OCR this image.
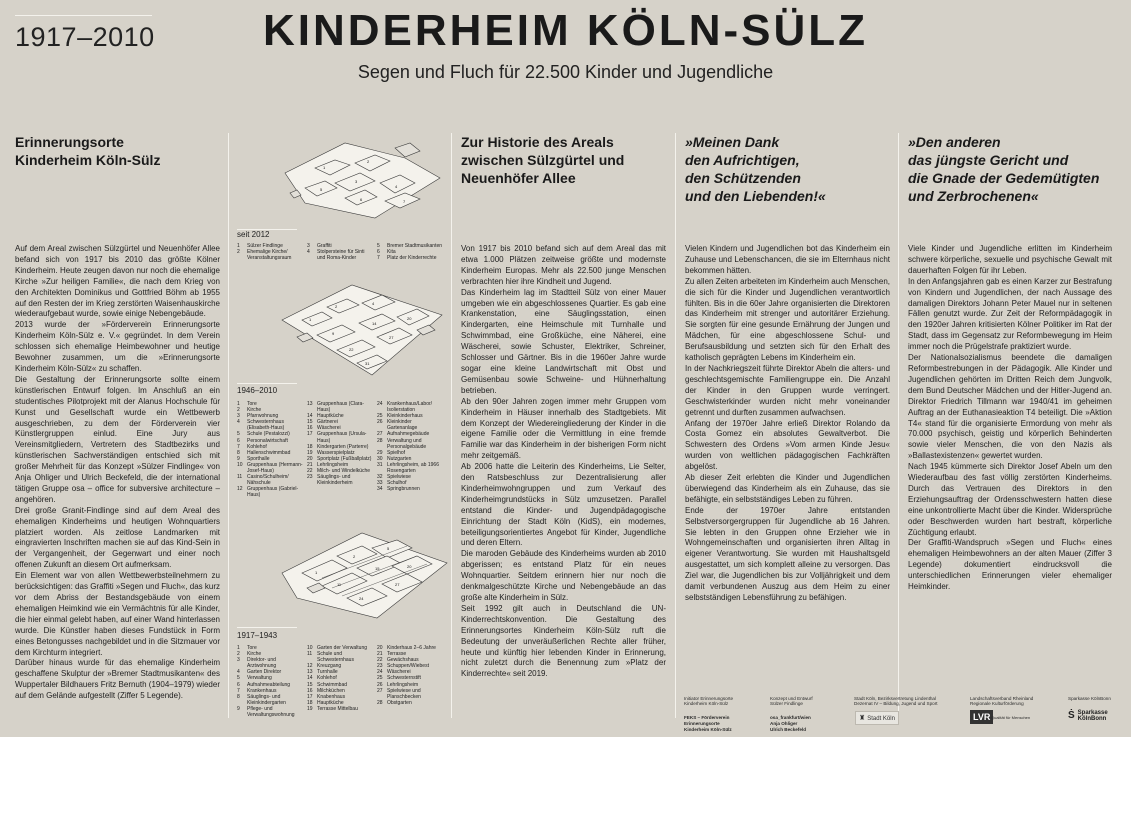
1917–2010	KINDERHEIM KÖLN-SÜLZ
Segen und Fluch für 22.500 Kinder und Jugendliche
Erinnerungsorte
Kinderheim Köln-Sülz
Auf dem Areal zwischen Sülzgürtel und Neuenhöfer Allee befand sich von 1917 bis 2010 das größte Kölner Kinderheim. Heute zeugen davon nur noch die ehemalige Kirche »Zur heiligen Familie«, die nach dem Krieg von den Architekten Dominikus und Gottfried Böhm ab 1955 auf den Resten der im Krieg zerstörten Waisenhauskirche wiederaufgebaut wurde, sowie einige Nebengebäude.
2013 wurde der »Förderverein Erinnerungsorte Kinderheim Köln-Sülz e. V.« gegründet. In dem Verein schlossen sich ehemalige Heimbewohner und heutige Bewohner zusammen, um die »Erinnerungsorte Kinderheim Köln-Sülz« zu schaffen.
Die Gestaltung der Erinnerungsorte sollte einem künstlerischen Entwurf folgen. Im Anschluß an ein studentisches Pilotprojekt mit der Alanus Hochschule für Kunst und Gesellschaft wurde ein Wettbewerb ausgeschrieben, zu dem der Förderverein vier Künstlergruppen einlud. Eine Jury aus Vereinsmitgliedern, Vertretern des Stadtbezirks und künstlerischen Sachverständigen entschied sich mit großer Mehrheit für das Konzept »Sülzer Findlinge« von Anja Ohliger und Ulrich Beckefeld, die der international tätigen Gruppe osa – office for subversive architecture – angehören.
Drei große Granit-Findlinge sind auf dem Areal des ehemaligen Kinderheims und heutigen Wohnquartiers platziert worden. Als zeitlose Landmarken mit eingravierten Inschriften machen sie auf das Kind-Sein in der Vergangenheit, der Gegenwart und einer noch offenen Zukunft an diesem Ort aufmerksam.
Ein Element war von allen Wettbewerbsteilnehmern zu berücksichtigen: das Graffiti »Segen und Fluch«, das kurz vor dem Abriss der Bestandsgebäude von einem ehemaligen Heimkind wie ein Vermächtnis für alle Kinder, die hier einmal gelebt haben, auf einer Wand hinterlassen wurde. Die Künstler haben dieses Fundstück in Form eines Betongusses nachgebildet und in die Sitzmauer vor dem Kirchturm integriert.
Darüber hinaus wurde für das ehemalige Kinderheim geschaffene Skulptur der »Bremer Stadtmusikanten« des Wuppertaler Bildhauers Fritz Bernuth (1904–1979) wieder auf dem Gelände aufgestellt (Ziffer 5 Legende).
1
2
3
4
5
6	7
seit 2012
1	Sülzer Findlinge
2	Ehemalige Kirche/ Veranstaltungsraum
3	Graffiti
4	Stolpersteine für Sinti und Roma-Kinder
5	Bremer Stadtmusikanten
6	Kita
7	Platz der Kinderrechte
1
2
4
9
14
20
22
27
31
1946–2010
1	Tore
2	Kirche
3	Pfarrwohnung
4	Schwesternhaus (Elisabeth-Haus)
5	Schule (Pestalozzi)
6	Personalwirtschaft
7	Kohlehof
8	Hallenschwimmbad
9	Sporthalle
10 Gruppenhaus (Hermann-Josef-Haus)
11 Casino/Schulheim/ Nähschule
12 Gruppenhaus (Gabriel-Haus)
13 Gruppenhaus (Clara-Haus)
14 Hauptküche
15 Gärtnerei
16 Wäscherei
17 Gruppenhaus (Ursula-Haus)
18 Kindergarten (Parterre)
19 Wasserspielplatz
20 Sportplatz (Fußballplatz)
21 Lehrlingsheim
22 Milch- und Windelküche
23 Säuglings- und Kleinkinderheim
24 Krankenhaus/Labor/ Isolierstation
25 Kleinkinderhaus
26 Kleinkinder Gartenanlage
27 Aufnahmegebäude
28 Verwaltung und Personalgebäude
29 Spielhof
30 Nutzgarten
31 Lehrlingsheim, ab 1966 Rosengarten
32 Spielwiese
33 Schulhof
34 Springbrunnen
1
2
5
11
15	20
24
27
1917–1943
1	Tore
2	Kirche
3	Direktor- und Arztwohnung
4	Garten Direktor
5	Verwaltung
6	Aufnahmeabteilung
7	Krankenhaus
8	Säuglings- und Kleinkindergarten
9	Pflege- und Verwaltungswohnung
10 Garten der Verwaltung
11 Schule und Schwesternhaus
12 Kreuzgang
13 Turnhalle
14 Kohlehof
15 Schwimmbad
16 Milchküchen
17 Knabenhaus
18 Hauptküche
19 Terrasse Mittelbau
20 Kinderhaus 2–6 Jahre
21 Terrasse
22 Gewächshaus
23 Schuppen/Wiebest
24 Wäscherei
25 Schwesternstift
26 Lehrlingsheim
27 Spielwiese und Planschbecken
28 Obstgarten
Zur Historie des Areals
zwischen Sülzgürtel und
Neuenhöfer Allee
Von 1917 bis 2010 befand sich auf dem Areal das mit etwa 1.000 Plätzen zeitweise größte und modernste Kinderheim Europas. Mehr als 22.500 junge Menschen verbrachten hier ihre Kindheit und Jugend.
Das Kinderheim lag im Stadtteil Sülz von einer Mauer umgeben wie ein abgeschlossenes Quartier. Es gab eine Krankenstation, eine Säuglingsstation, einen Kindergarten, eine Heimschule mit Turnhalle und Schwimmbad, eine Großküche, eine Näherei, eine Wäscherei, sowie Schuster, Elektriker, Schreiner, Schlosser und Gärtner. Bis in die 1960er Jahre wurde sogar eine kleine Landwirtschaft mit Obst und Gemüsenbau sowie Schweine- und Hühnerhaltung betrieben.
Ab den 90er Jahren zogen immer mehr Gruppen vom Kinderheim in Häuser innerhalb des Stadtgebiets. Mit dem Konzept der Wiedereingliederung der Kinder in die eigene Familie oder die Vermittlung in eine fremde Familie war das Kinderheim in der bisherigen Form nicht mehr zeitgemäß.
Ab 2006 hatte die Leiterin des Kinderheims, Lie Selter, den Ratsbeschluss zur Dezentralisierung aller Kinderheimwohngruppen und zum Verkauf des Kinderheimgrundstücks in Sülz umzusetzen. Parallel entstand die Kinder- und Jugendpädagogische Einrichtung der Stadt Köln (KidS), ein modernes, beteiligungsorientiertes Angebot für Kinder, Jugendliche und deren Eltern.
Die maroden Gebäude des Kinderheims wurden ab 2010 abgerissen; es entstand Platz für ein neues Wohnquartier. Seitdem erinnern hier nur noch die denkmalgeschützte Kirche und Nebengebäude an das große alte Kinderheim in Sülz.
Seit 1992 gilt auch in Deutschland die UN-Kinderrechtskonvention. Die Gestaltung des Erinnerungsortes Kinderheim Köln-Sülz ruft die Bedeutung der unveräußerlichen Rechte aller früher, heute und künftig hier lebenden Kinder in Erinnerung, nicht zuletzt durch die Benennung zum »Platz der Kinderrechte« seit 2019.
»Meinen Dank
den Aufrichtigen,
den Schützenden
und den Liebenden!«
Vielen Kindern und Jugendlichen bot das Kinderheim ein Zuhause und Lebenschancen, die sie im Elternhaus nicht bekommen hätten.
Zu allen Zeiten arbeiteten im Kinderheim auch Menschen, die sich für die Kinder und Jugendlichen verantwortlich fühlten. Bis in die 60er Jahre organisierten die Direktoren das Kinderheim mit strenger und autoritärer Erziehung. Sie sorgten für eine gesunde Ernährung der Jungen und Mädchen, für eine abgeschlossene Schul- und Berufsausbildung und setzten sich für den Erhalt des katholisch geprägten Lebens im Kinderheim ein.
In der Nachkriegszeit führte Direktor Abeln die alters- und geschlechtsgemischte Familiengruppe ein. Die Anzahl der Kinder in den Gruppen wurde verringert. Geschwisterkinder wurden nicht mehr voneinander getrennt und durften zusammen aufwachsen.
Anfang der 1970er Jahre erließ Direktor Rolando da Costa Gomez ein absolutes Gewaltverbot. Die Schwestern des Ordens »Vom armen Kinde Jesu« wurden von weltlichen pädagogischen Fachkräften abgelöst.
Ab dieser Zeit erlebten die Kinder und Jugendlichen überwiegend das Kinderheim als ein Zuhause, das sie befähigte, ein selbstständiges Leben zu führen.
Ende der 1970er Jahre entstanden Selbstversorgergruppen für Jugendliche ab 16 Jahren. Sie lebten in den Gruppen ohne Erzieher wie in Wohngemeinschaften und organisierten ihren Alltag in eigener Verantwortung. Sie wurden mit Haushaltsgeld ausgestattet, um sich komplett alleine zu versorgen. Das Ziel war, die Jugendlichen bis zur Volljährigkeit und dem damit verbundenen Auszug aus dem Heim zu einer selbstständigen Lebensführung zu befähigen.
»Den anderen
das jüngste Gericht und
die Gnade der Gedemütigten
und Zerbrochenen«
Viele Kinder und Jugendliche erlitten im Kinderheim schwere körperliche, sexuelle und psychische Gewalt mit dauerhaften Folgen für ihr Leben.
In den Anfangsjahren gab es einen Karzer zur Bestrafung von Kindern und Jugendlichen, der nach Aussage des damaligen Direktors Johann Peter Mauel nur in seltenen Fällen genutzt wurde. Zur Zeit der Reformpädagogik in den 1920er Jahren kritisierten Kölner Politiker im Rat der Stadt, dass im Gegensatz zur Reformbewegung im Heim immer noch die Prügelstrafe praktiziert wurde.
Der Nationalsozialismus beendete die damaligen Reformbestrebungen in der Pädagogik. Alle Kinder und Jugendlichen gehörten im Dritten Reich dem Jungvolk, dem Bund Deutscher Mädchen und der Hitler-Jugend an. Direktor Friedrich Tillmann war 1940/41 im geheimen Auftrag an der Euthanasieaktion T4 beteiligt. Die »Aktion T4« stand für die organisierte Ermordung von mehr als 70.000 psychisch, geistig und körperlich Behinderten sowie vieler Menschen, die von den Nazis als »Ballastexistenzen« gewertet wurden.
Nach 1945 kümmerte sich Direktor Josef Abeln um den Wiederaufbau des fast völlig zerstörten Kinderheims. Durch das Vertrauen des Direktors in den Erziehungsauftrag der Ordensschwestern hatten diese eine unkontrollierte Macht über die Kinder. Widersprüche oder Beschwerden wurden hart bestraft, körperliche Züchtigung erlaubt.
Der Graffiti-Wandspruch »Segen und Fluch« eines ehemaligen Heimbewohners an der alten Mauer (Ziffer 3 Legende) dokumentiert eindrucksvoll die unterschiedlichen Erinnerungen vieler ehemaliger Heimkinder.

Initiator Erinnerungsorte
Kinderheim Köln-Sülz

FEKS – Förderverein
Erinnerungsorte
Kinderheim Köln-Sülz

Konzept und Entwurf
Sülzer Findlinge

osa_frankfurt/wien
Anja Ohliger
Ulrich Beckefeld

Stadt Köln, Bezirksvertretung Lindenthal
Dezernat IV – Bildung, Jugend und Sport

♜ Stadt Köln

Landschaftsverband Rheinland
Regionale Kulturförderung

LVR Qualität für Menschen

Sparkasse KölnBonn

Ṡ Sparkasse
KölnBonn
